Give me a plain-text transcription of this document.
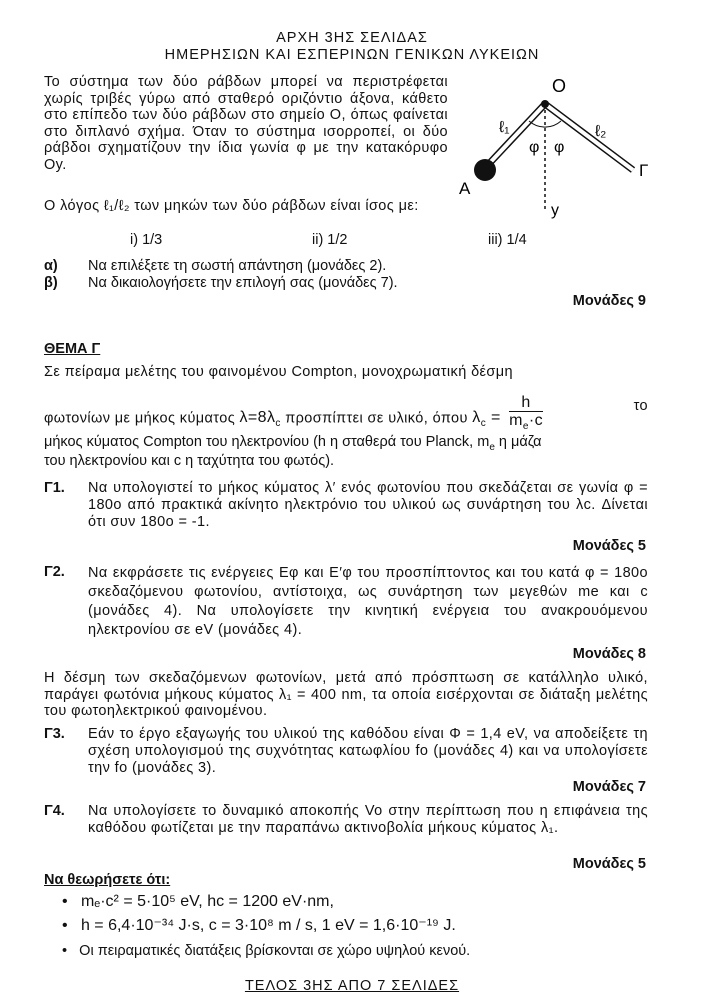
ΑΡΧΗ 3ΗΣ ΣΕΛΙΔΑΣ
ΗΜΕΡΗΣΙΩΝ ΚΑΙ ΕΣΠΕΡΙΝΩΝ ΓΕΝΙΚΩΝ ΛΥΚΕΙΩΝ
Το σύστημα των δύο ράβδων μπορεί να περιστρέφεται χωρίς τριβές γύρω από σταθερό οριζόντιο άξονα, κάθετο στο επίπεδο των δύο ράβδων στο σημείο Ο, όπως φαίνεται στο διπλανό σχήμα. Όταν το σύστημα ισορροπεί, οι δύο ράβδοι σχηματίζουν την ίδια γωνία φ με την κατακόρυφο Oy.
Ο λόγος ℓ₁/ℓ₂ των μηκών των δύο ράβδων είναι ίσος με:
i) 1/3	ii) 1/2	iii) 1/4
α) Να επιλέξετε τη σωστή απάντηση (μονάδες 2).
β) Να δικαιολογήσετε την επιλογή σας (μονάδες 7).
Μονάδες 9
Ο
ℓ₁	ℓ₂
φ φ
Α
Γ
y
ΘΕΜΑ Γ
Σε πείραμα μελέτης του φαινομένου Compton, μονοχρωματική δέσμη
φωτονίων με μήκος κύματος $\lambda=8\lambda_c$ προσπίπτει σε υλικό, όπου $\lambda_c = \frac{h}{m_e\cdot c}$	το
μήκος κύματος Compton του ηλεκτρονίου (h η σταθερά του Planck, $m_e$ η μάζα
του ηλεκτρονίου και c η ταχύτητα του φωτός).
Γ1. Να υπολογιστεί το μήκος κύματος λ′ ενός φωτονίου που σκεδάζεται σε γωνία φ = 180ο από πρακτικά ακίνητο ηλεκτρόνιο του υλικού ως συνάρτηση του λc. Δίνεται ότι συν 180ο = -1.
Μονάδες 5
Γ2. Να εκφράσετε τις ενέργειες Eφ και E′φ του προσπίπτοντος και του κατά φ = 180ο σκεδαζόμενου φωτονίου, αντίστοιχα, ως συνάρτηση των μεγεθών me και c (μονάδες 4). Να υπολογίσετε την κινητική ενέργεια του ανακρουόμενου ηλεκτρονίου σε eV (μονάδες 4).
Μονάδες 8
Η δέσμη των σκεδαζόμενων φωτονίων, μετά από πρόσπτωση σε κατάλληλο υλικό, παράγει φωτόνια μήκους κύματος λ₁ = 400 nm, τα οποία εισέρχονται σε διάταξη μελέτης του φωτοηλεκτρικού φαινομένου.
Γ3. Εάν το έργο εξαγωγής του υλικού της καθόδου είναι Φ = 1,4 eV, να αποδείξετε τη σχέση υπολογισμού της συχνότητας κατωφλίου fo (μονάδες 4) και να υπολογίσετε την fo (μονάδες 3).
Μονάδες 7
Γ4. Να υπολογίσετε το δυναμικό αποκοπής Vo στην περίπτωση που η επιφάνεια της καθόδου φωτίζεται με την παραπάνω ακτινοβολία μήκους κύματος λ₁.
Μονάδες 5
Να θεωρήσετε ότι:
•   mₑ·c² = 5·10⁵ eV, hc = 1200 eV·nm,
•   h = 6,4·10⁻³⁴ J·s, c = 3·10⁸ m / s, 1 eV = 1,6·10⁻¹⁹ J.
•   Οι πειραματικές διατάξεις βρίσκονται σε χώρο υψηλού κενού.
ΤΕΛΟΣ 3ΗΣ ΑΠΟ 7 ΣΕΛΙΔΕΣ
